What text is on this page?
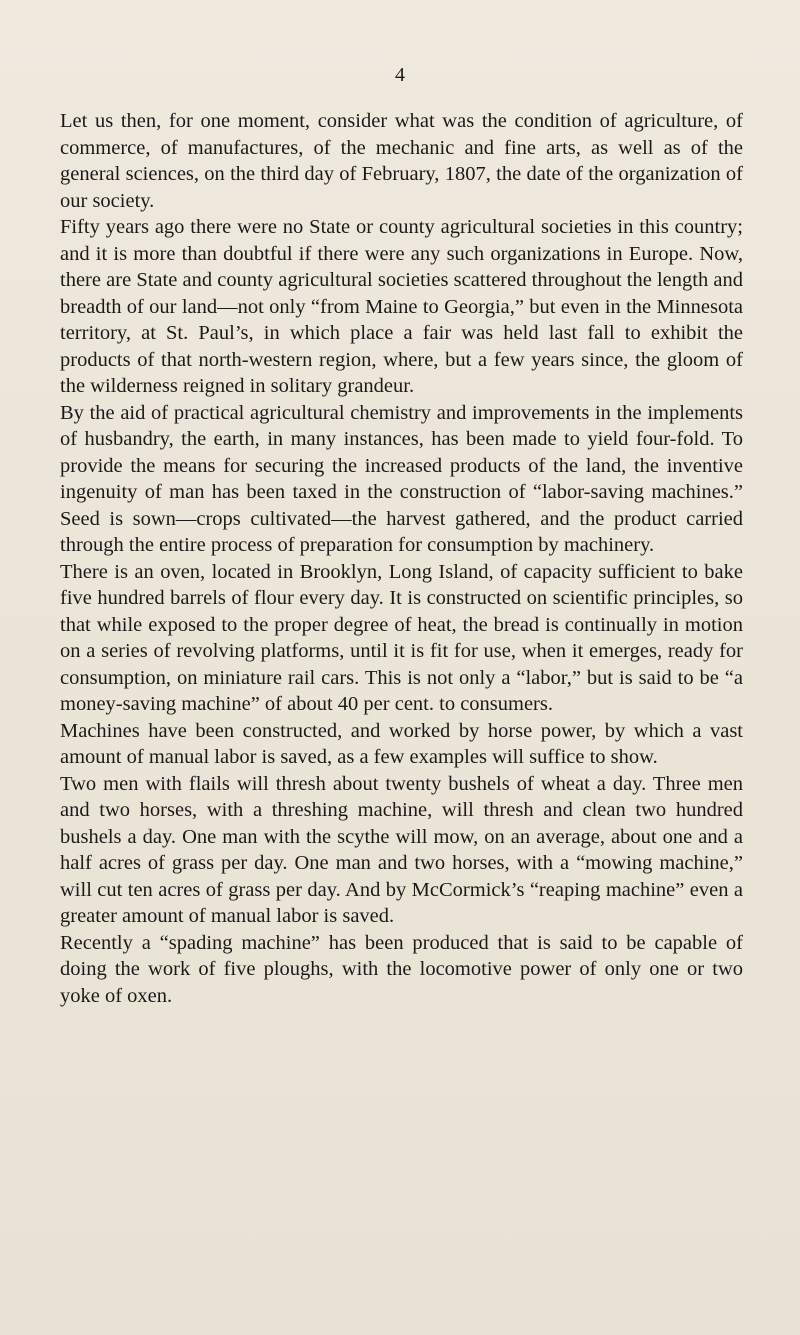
4

Let us then, for one moment, consider what was the condition of agriculture, of commerce, of manufactures, of the mechanic and fine arts, as well as of the general sciences, on the third day of February, 1807, the date of the organization of our society.

Fifty years ago there were no State or county agricultural societies in this country; and it is more than doubtful if there were any such organizations in Europe. Now, there are State and county agricultural societies scattered throughout the length and breadth of our land—not only “from Maine to Georgia,” but even in the Minnesota territory, at St. Paul’s, in which place a fair was held last fall to exhibit the products of that north-western region, where, but a few years since, the gloom of the wilderness reigned in solitary grandeur.

By the aid of practical agricultural chemistry and improvements in the implements of husbandry, the earth, in many instances, has been made to yield four-fold. To provide the means for securing the increased products of the land, the inventive ingenuity of man has been taxed in the construction of “labor-saving machines.” Seed is sown—crops cultivated—the harvest gathered, and the product carried through the entire process of preparation for consumption by machinery.

There is an oven, located in Brooklyn, Long Island, of capacity sufficient to bake five hundred barrels of flour every day. It is constructed on scientific principles, so that while exposed to the proper degree of heat, the bread is continually in motion on a series of revolving platforms, until it is fit for use, when it emerges, ready for consumption, on miniature rail cars. This is not only a “labor,” but is said to be “a money-saving machine” of about 40 per cent. to consumers.

Machines have been constructed, and worked by horse power, by which a vast amount of manual labor is saved, as a few examples will suffice to show.

Two men with flails will thresh about twenty bushels of wheat a day. Three men and two horses, with a threshing machine, will thresh and clean two hundred bushels a day. One man with the scythe will mow, on an average, about one and a half acres of grass per day. One man and two horses, with a “mowing machine,” will cut ten acres of grass per day. And by McCormick’s “reaping machine” even a greater amount of manual labor is saved.

Recently a “spading machine” has been produced that is said to be capable of doing the work of five ploughs, with the locomotive power of only one or two yoke of oxen.
